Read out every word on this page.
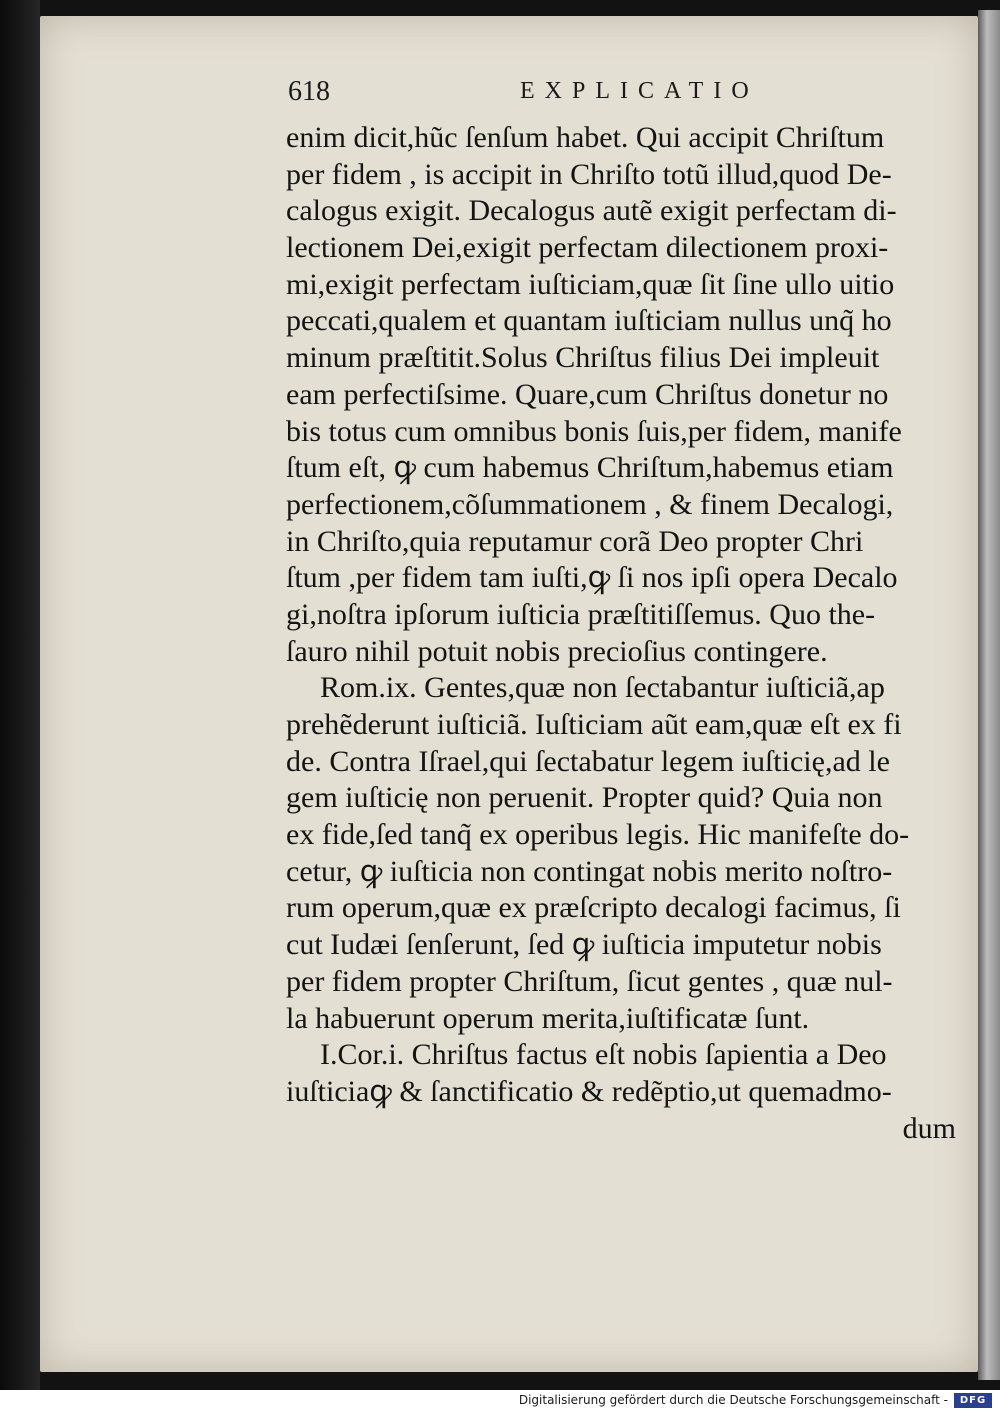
618	EXPLICATIO
enim dicit,hũc ſenſum habet. Qui accipit Chriſtum
per fidem , is accipit in Chriſto totũ illud,quod De-
calogus exigit. Decalogus autẽ exigit perfectam di-
lectionem Dei,exigit perfectam dilectionem proxi-
mi,exigit perfectam iuſticiam,quæ ſit ſine ullo uitio
peccati,qualem et quantam iuſticiam nullus unq̃ ho
minum præſtitit.Solus Chriſtus filius Dei impleuit
eam perfectiſsime. Quare,cum Chriſtus donetur no
bis totus cum omnibus bonis ſuis,per fidem, manife
ſtum eſt, ꝙ cum habemus Chriſtum,habemus etiam
perfectionem,cõſummationem , & finem Decalogi,
in Chriſto,quia reputamur corã Deo propter Chri
ſtum ,per fidem tam iuſti,ꝙ ſi nos ipſi opera Decalo
gi,noſtra ipſorum iuſticia præſtitiſſemus. Quo the-
ſauro nihil potuit nobis precioſius contingere.
Rom.ix. Gentes,quæ non ſectabantur iuſticiã,ap
prehẽderunt iuſticiã. Iuſticiam aũt eam,quæ eſt ex fi
de. Contra Iſrael,qui ſectabatur legem iuſticię,ad le
gem iuſticię non peruenit. Propter quid? Quia non
ex fide,ſed tanq̃ ex operibus legis. Hic manifeſte do-
cetur, ꝙ iuſticia non contingat nobis merito noſtro-
rum operum,quæ ex præſcripto decalogi facimus, ſi
cut Iudæi ſenſerunt, ſed ꝙ iuſticia imputetur nobis
per fidem propter Chriſtum, ſicut gentes , quæ nul-
la habuerunt operum merita,iuſtificatæ ſunt.
I.Cor.i. Chriſtus factus eſt nobis ſapientia a Deo
iuſticiaꝙ & ſanctificatio & redẽptio,ut quemadmo-
dum
Digitalisierung gefördert durch die Deutsche Forschungsgemeinschaft -	DFG
